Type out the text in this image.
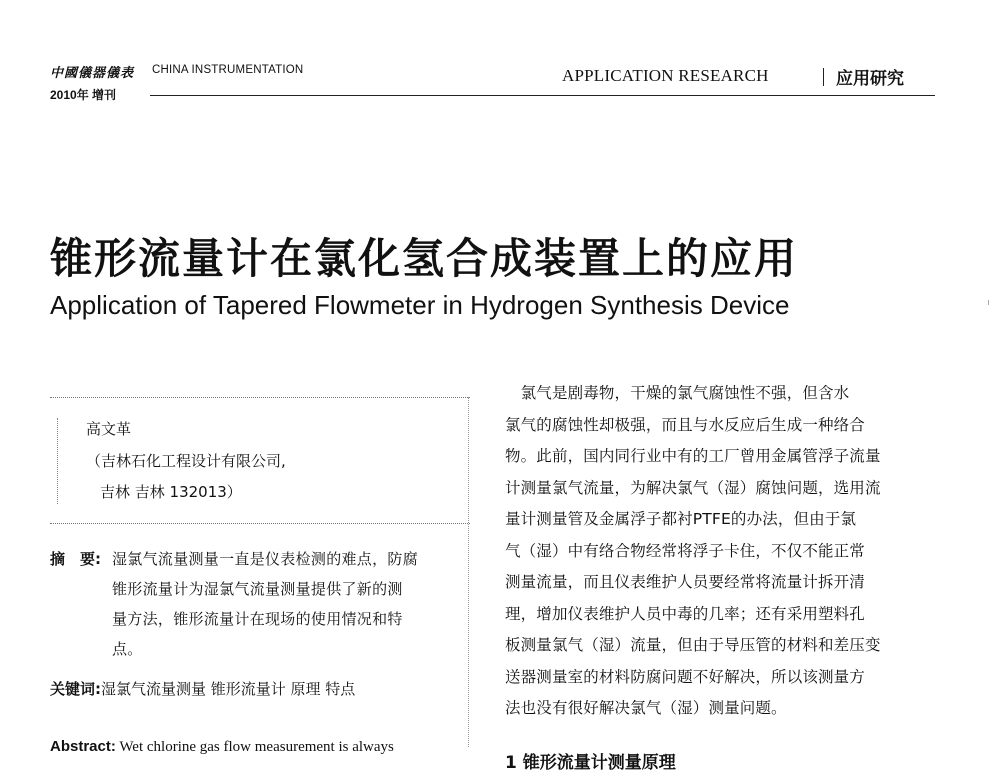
中國儀器儀表 CHINA INSTRUMENTATION
2010年 增刊
APPLICATION RESEARCH	应用研究
锥形流量计在氯化氢合成装置上的应用
Application of Tapered Flowmeter in Hydrogen Synthesis Device
高文革
（吉林石化工程设计有限公司,
吉林 吉林 132013）
摘　要: 湿氯气流量测量一直是仪表检测的难点，防腐
锥形流量计为湿氯气流量测量提供了新的测
量方法，锥形流量计在现场的使用情况和特
点。
关键词:湿氯气流量测量 锥形流量计 原理 特点
Abstract: Wet chlorine gas flow measurement is always
　氯气是剧毒物，干燥的氯气腐蚀性不强，但含水
氯气的腐蚀性却极强，而且与水反应后生成一种络合
物。此前，国内同行业中有的工厂曾用金属管浮子流量
计测量氯气流量，为解决氯气（湿）腐蚀问题，选用流
量计测量管及金属浮子都衬PTFE的办法，但由于氯
气（湿）中有络合物经常将浮子卡住，不仅不能正常
测量流量，而且仪表维护人员要经常将流量计拆开清
理，增加仪表维护人员中毒的几率；还有采用塑料孔
板测量氯气（湿）流量，但由于导压管的材料和差压变
送器测量室的材料防腐问题不好解决，所以该测量方
法也没有很好解决氯气（湿）测量问题。
1 锥形流量计测量原理
